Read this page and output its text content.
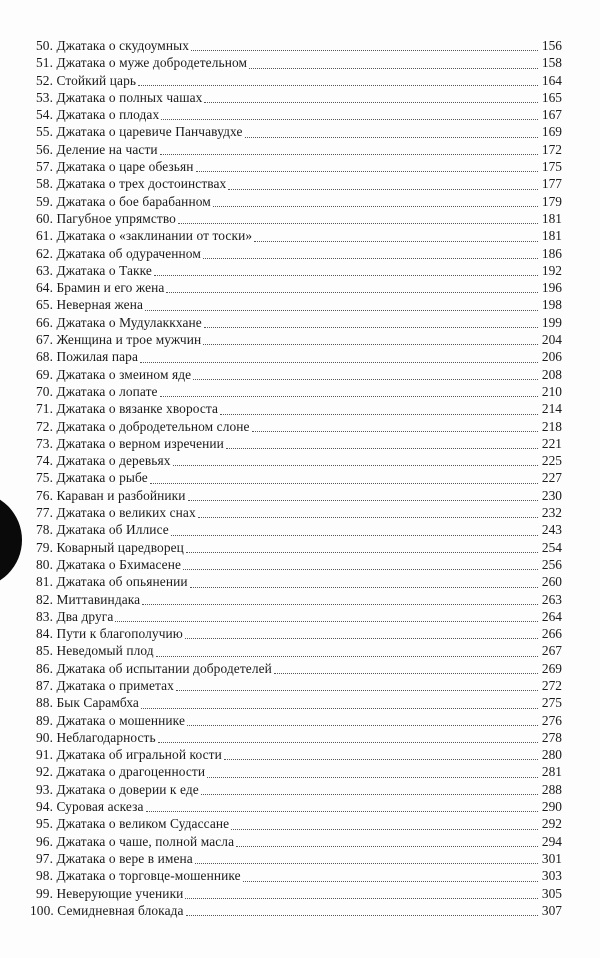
50. Джатака о скудоумных	156
51. Джатака о муже добродетельном	158
52. Стойкий царь	164
53. Джатака о полных чашах	165
54. Джатака о плодах	167
55. Джатака о царевиче Панчавудхе	169
56. Деление на части	172
57. Джатака о царе обезьян	175
58. Джатака о трех достоинствах	177
59. Джатака о бое барабанном	179
60. Пагубное упрямство	181
61. Джатака о «заклинании от тоски»	181
62. Джатака об одураченном	186
63. Джатака о Такке	192
64. Брамин и его жена	196
65. Неверная жена	198
66. Джатака о Мудулаккхане	199
67. Женщина и трое мужчин	204
68. Пожилая пара	206
69. Джатака о змеином яде	208
70. Джатака о лопате	210
71. Джатака о вязанке хвороста	214
72. Джатака о добродетельном слоне	218
73. Джатака о верном изречении	221
74. Джатака о деревьях	225
75. Джатака о рыбе	227
76. Караван и разбойники	230
77. Джатака о великих снах	232
78. Джатака об Иллисе	243
79. Коварный царедворец	254
80. Джатака о Бхимасене	256
81. Джатака об опьянении	260
82. Миттавиндака	263
83. Два друга	264
84. Пути к благополучию	266
85. Неведомый плод	267
86. Джатака об испытании добродетелей	269
87. Джатака о приметах	272
88. Бык Сарамбха	275
89. Джатака о мошеннике	276
90. Неблагодарность	278
91. Джатака об игральной кости	280
92. Джатака о драгоценности	281
93. Джатака о доверии к еде	288
94. Суровая аскеза	290
95. Джатака о великом Судассане	292
96. Джатака о чаше, полной масла	294
97. Джатака о вере в имена	301
98. Джатака о торговце-мошеннике	303
99. Неверующие ученики	305
100. Семидневная блокада	307
